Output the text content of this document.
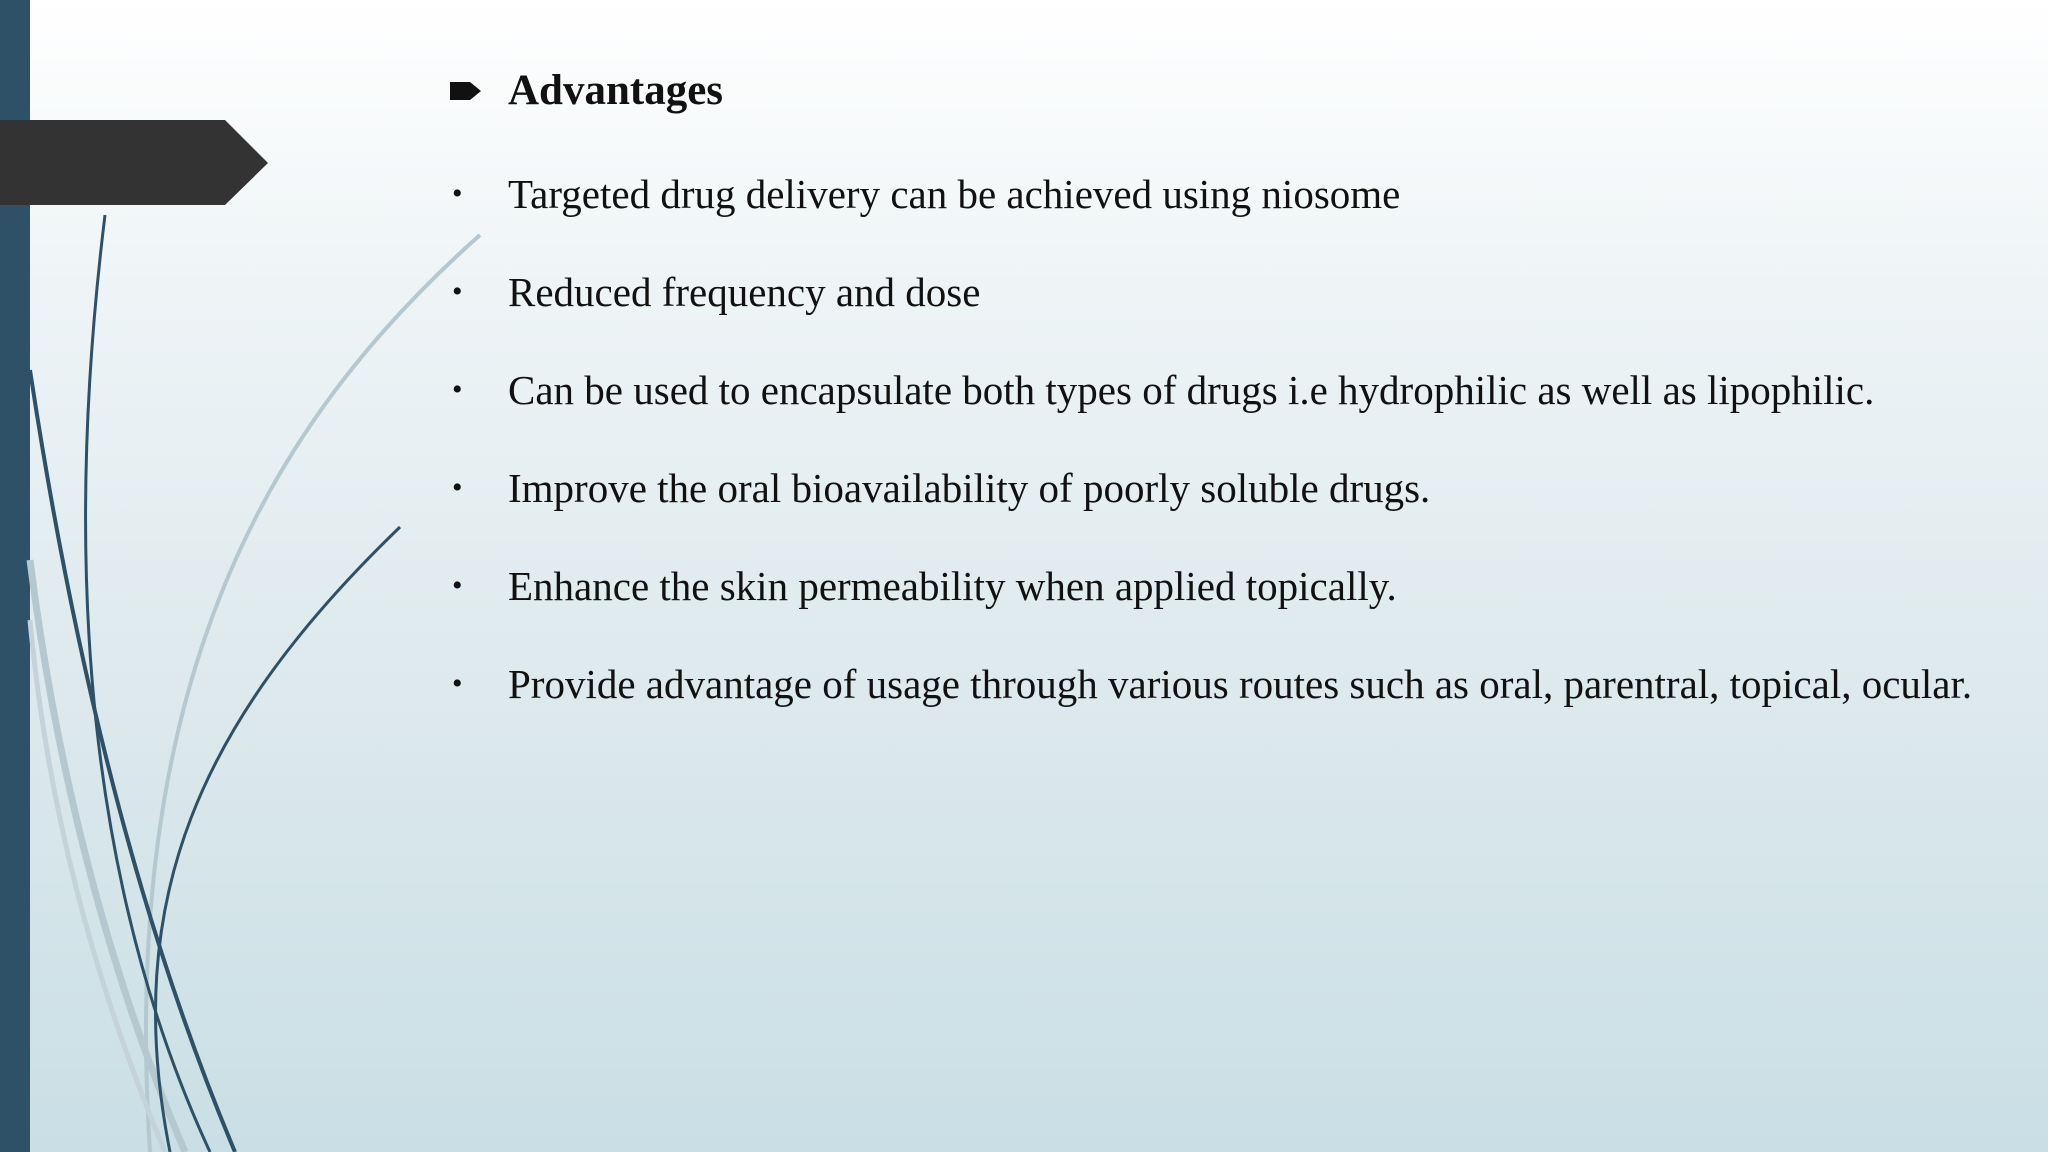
Advantages
•	Targeted drug delivery can be achieved using niosome
•	Reduced frequency and dose
•	Can be used to encapsulate both types of drugs i.e hydrophilic as well as lipophilic.
•	Improve the oral bioavailability of poorly soluble drugs.
•	Enhance the skin permeability when applied topically.
•	Provide advantage of usage through various routes such as oral, parentral, topical, ocular.
